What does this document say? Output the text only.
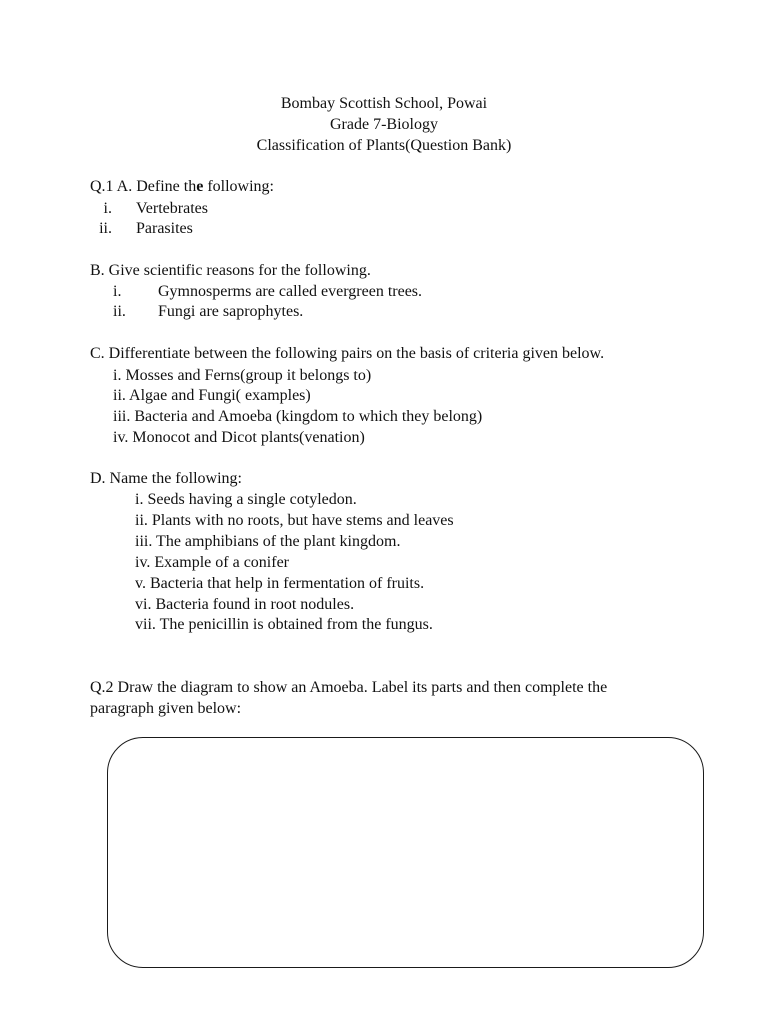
Bombay Scottish School, Powai
Grade 7-Biology
Classification of Plants(Question Bank)
Q.1 A. Define the following:
i. Vertebrates
ii. Parasites
B. Give scientific reasons for the following.
i. Gymnosperms are called evergreen trees.
ii. Fungi are saprophytes.
C. Differentiate between the following pairs on the basis of criteria given below.
i. Mosses and Ferns(group it belongs to)
ii. Algae and Fungi( examples)
iii. Bacteria and Amoeba (kingdom to which they belong)
iv. Monocot and Dicot plants(venation)
D. Name the following:
i. Seeds having a single cotyledon.
ii. Plants with no roots, but have stems and leaves
iii. The amphibians of the plant kingdom.
iv. Example of a conifer
v. Bacteria that help in fermentation of fruits.
vi. Bacteria found in root nodules.
vii. The penicillin is obtained from the fungus.
Q.2 Draw the diagram to show an Amoeba. Label its parts and then complete the
paragraph given below:
